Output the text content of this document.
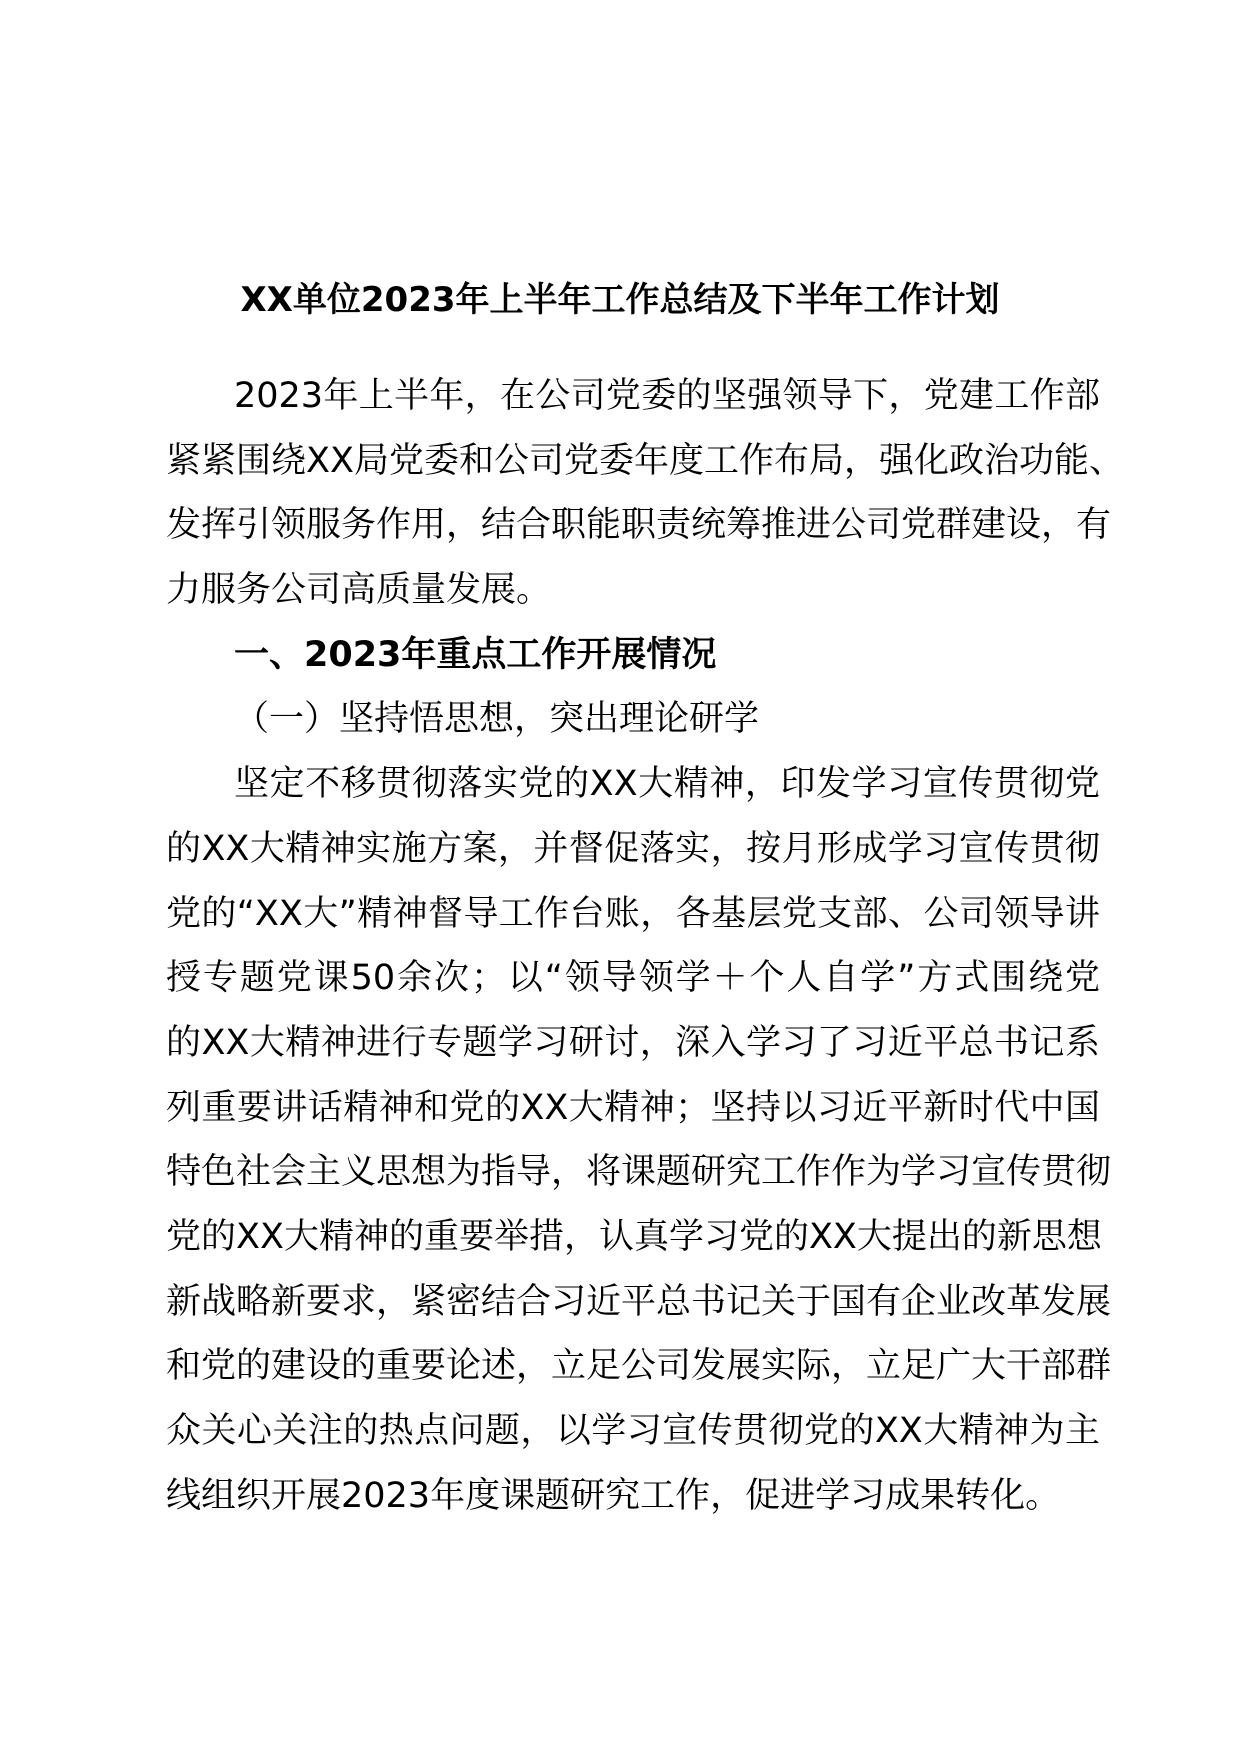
XX单位2023年上半年工作总结及下半年工作计划
2023年上半年，在公司党委的坚强领导下，党建工作部
紧紧围绕XX局党委和公司党委年度工作布局，强化政治功能、
发挥引领服务作用，结合职能职责统筹推进公司党群建设，有
力服务公司高质量发展。
一、2023年重点工作开展情况
（一）坚持悟思想，突出理论研学
坚定不移贯彻落实党的XX大精神，印发学习宣传贯彻党
的XX大精神实施方案，并督促落实，按月形成学习宣传贯彻
党的“XX大”精神督导工作台账，各基层党支部、公司领导讲
授专题党课50余次；以“领导领学＋个人自学”方式围绕党
的XX大精神进行专题学习研讨，深入学习了习近平总书记系
列重要讲话精神和党的XX大精神；坚持以习近平新时代中国
特色社会主义思想为指导，将课题研究工作作为学习宣传贯彻
党的XX大精神的重要举措，认真学习党的XX大提出的新思想
新战略新要求，紧密结合习近平总书记关于国有企业改革发展
和党的建设的重要论述，立足公司发展实际，立足广大干部群
众关心关注的热点问题，以学习宣传贯彻党的XX大精神为主
线组织开展2023年度课题研究工作，促进学习成果转化。
